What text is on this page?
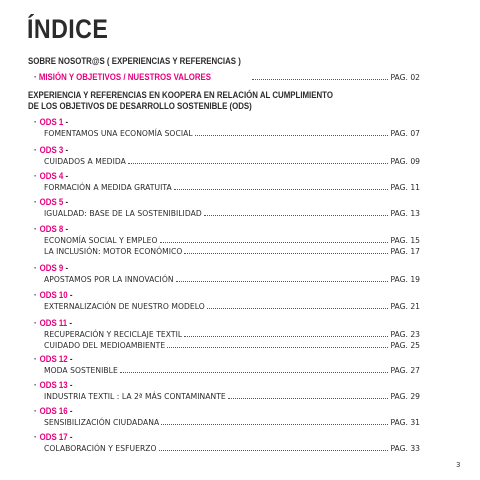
ÍNDICE
SOBRE NOSOTR@S ( EXPERIENCIAS Y REFERENCIAS )
· MISIÓN Y OBJETIVOS / NUESTROS VALORES	PAG. 02
EXPERIENCIA Y REFERENCIAS EN KOOPERA EN RELACIÓN AL CUMPLIMIENTO
DE LOS OBJETIVOS DE DESARROLLO SOSTENIBLE (ODS)
· ODS 1 -
FOMENTAMOS UNA ECONOMÍA SOCIAL	PAG. 07
· ODS 3 -
CUIDADOS A MEDIDA	PAG. 09
· ODS 4 -
FORMACIÓN A MEDIDA GRATUITA	PAG. 11
· ODS 5 -
IGUALDAD: BASE DE LA SOSTENIBILIDAD	PAG. 13
· ODS 8 -
ECONOMÍA SOCIAL Y EMPLEO	PAG. 15
LA INCLUSIÓN: MOTOR ECONÓMICO	PAG. 17
· ODS 9 -
APOSTAMOS POR LA INNOVACIÓN	PAG. 19
· ODS 10 -
EXTERNALIZACIÓN DE NUESTRO MODELO	PAG. 21
· ODS 11 -
RECUPERACIÓN Y RECICLAJE TEXTIL	PAG. 23
CUIDADO DEL MEDIOAMBIENTE	PAG. 25
· ODS 12 -
MODA SOSTENIBLE	PAG. 27
· ODS 13 -
INDUSTRIA TEXTIL : LA 2ª MÁS CONTAMINANTE	PAG. 29
· ODS 16 -
SENSIBILIZACIÓN CIUDADANA	PAG. 31
· ODS 17 -
COLABORACIÓN Y ESFUERZO	PAG. 33
3
